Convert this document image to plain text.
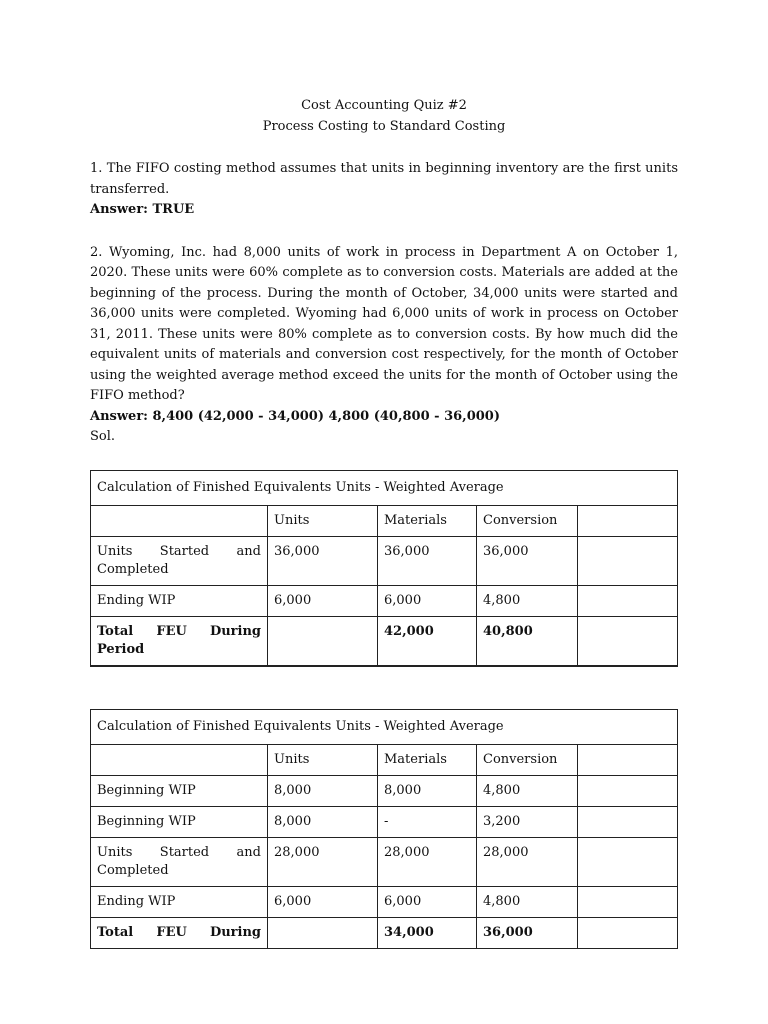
Cost Accounting Quiz #2

Process Costing to Standard Costing

1. The FIFO costing method assumes that units in beginning inventory are the first units transferred.

Answer: TRUE

2. Wyoming, Inc. had 8,000 units of work in process in Department A on October 1, 2020. These units were 60% complete as to conversion costs. Materials are added at the beginning of the process. During the month of October, 34,000 units were started and 36,000 units were completed. Wyoming had 6,000 units of work in process on October 31, 2011. These units were 80% complete as to conversion costs. By how much did the equivalent units of materials and conversion cost respectively, for the month of October using the weighted average method exceed the units for the month of October using the FIFO method?

Answer: 8,400 (42,000 - 34,000) 4,800 (40,800 - 36,000)

Sol.

Calculation of Finished Equivalents Units - Weighted Average				
	Units	Materials	Conversion	

Units Started and
Completed	36,000	36,000	36,000	
Ending WIP	6,000	6,000	4,800	

Total FEU During
Period		42,000	40,800	
Calculation of Finished Equivalents Units - Weighted Average				
	Units	Materials	Conversion	
Beginning WIP	8,000	8,000	4,800	
Beginning WIP	8,000	-	3,200	

Units Started and
Completed	28,000	28,000	28,000	
Ending WIP	6,000	6,000	4,800	

Total FEU During		34,000	36,000	
